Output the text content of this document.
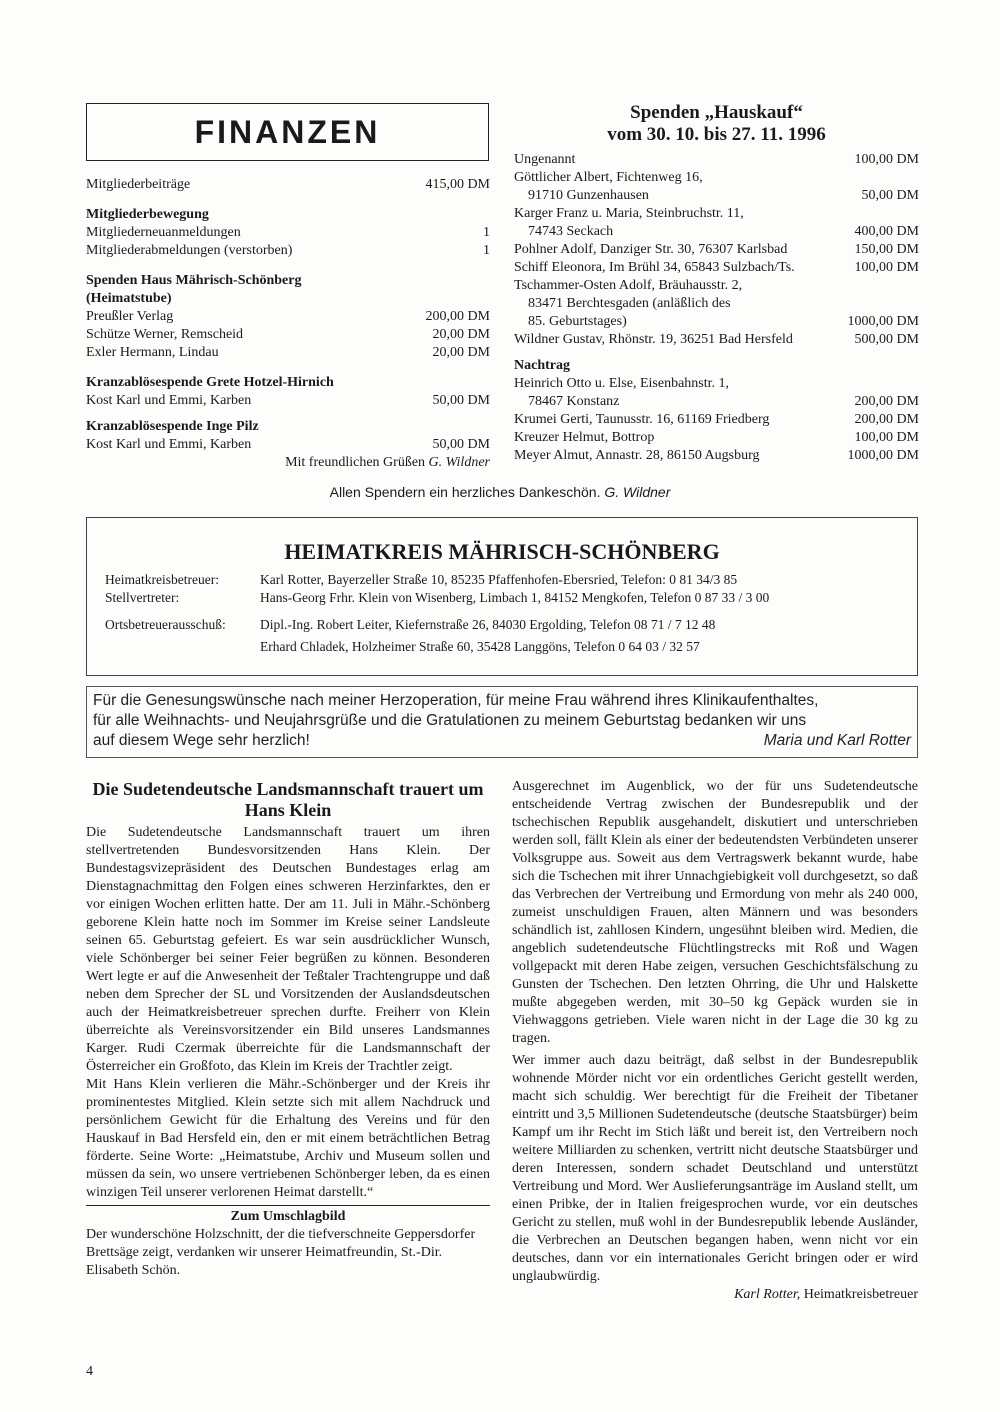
FINANZEN
Mitgliederbeiträge	415,00 DM
Mitgliederbewegung
Mitgliederneuanmeldungen	1
Mitgliederabmeldungen (verstorben)	1
Spenden Haus Mährisch-Schönberg
(Heimatstube)
Preußler Verlag	200,00 DM
Schütze Werner, Remscheid	20,00 DM
Exler Hermann, Lindau	20,00 DM
Kranzablösespende Grete Hotzel-Hirnich
Kost Karl und Emmi, Karben	50,00 DM
Kranzablösespende Inge Pilz
Kost Karl und Emmi, Karben	50,00 DM
Mit freundlichen Grüßen G. Wildner
Spenden „Hauskauf“
vom 30. 10. bis 27. 11. 1996
Ungenannt	100,00 DM
Göttlicher Albert, Fichtenweg 16,
91710 Gunzenhausen	50,00 DM
Karger Franz u. Maria, Steinbruchstr. 11,
74743 Seckach	400,00 DM
Pohlner Adolf, Danziger Str. 30, 76307 Karlsbad	150,00 DM
Schiff Eleonora, Im Brühl 34, 65843 Sulzbach/Ts.	100,00 DM
Tschammer-Osten Adolf, Bräuhausstr. 2,
83471 Berchtesgaden (anläßlich des
85. Geburtstages)	1000,00 DM
Wildner Gustav, Rhönstr. 19, 36251 Bad Hersfeld	500,00 DM
Nachtrag
Heinrich Otto u. Else, Eisenbahnstr. 1,
78467 Konstanz	200,00 DM
Krumei Gerti, Taunusstr. 16, 61169 Friedberg	200,00 DM
Kreuzer Helmut, Bottrop	100,00 DM
Meyer Almut, Annastr. 28, 86150 Augsburg	1000,00 DM
Allen Spendern ein herzliches Dankeschön. G. Wildner
HEIMATKREIS MÄHRISCH-SCHÖNBERG
Heimatkreisbetreuer:	Karl Rotter, Bayerzeller Straße 10, 85235 Pfaffenhofen-Ebersried, Telefon: 0 81 34/3 85
Stellvertreter:	Hans-Georg Frhr. Klein von Wisenberg, Limbach 1, 84152 Mengkofen, Telefon 0 87 33 / 3 00
Ortsbetreuerausschuß:	Dipl.-Ing. Robert Leiter, Kiefernstraße 26, 84030 Ergolding, Telefon 08 71 / 7 12 48
Erhard Chladek, Holzheimer Straße 60, 35428 Langgöns, Telefon 0 64 03 / 32 57
Für die Genesungswünsche nach meiner Herzoperation, für meine Frau während ihres Klinikaufenthaltes,
für alle Weihnachts- und Neujahrsgrüße und die Gratulationen zu meinem Geburtstag bedanken wir uns
auf diesem Wege sehr herzlich!	Maria und Karl Rotter
Die Sudetendeutsche Landsmannschaft trauert um Hans Klein
Die Sudetendeutsche Landsmannschaft trauert um ihren stellvertretenden Bundesvorsitzenden Hans Klein. Der Bundestagsvizepräsident des Deutschen Bundestages erlag am Dienstagnachmittag den Folgen eines schweren Herzinfarktes, den er vor einigen Wochen erlitten hatte. Der am 11. Juli in Mähr.-Schönberg geborene Klein hatte noch im Sommer im Kreise seiner Landsleute seinen 65. Geburtstag gefeiert. Es war sein ausdrücklicher Wunsch, viele Schönberger bei seiner Feier begrüßen zu können. Besonderen Wert legte er auf die Anwesenheit der Teßtaler Trachtengruppe und daß neben dem Sprecher der SL und Vorsitzenden der Auslandsdeutschen auch der Heimatkreisbetreuer sprechen durfte. Freiherr von Klein überreichte als Vereinsvorsitzender ein Bild unseres Landsmannes Karger. Rudi Czermak überreichte für die Landsmannschaft der Österreicher ein Großfoto, das Klein im Kreis der Trachtler zeigt.
Mit Hans Klein verlieren die Mähr.-Schönberger und der Kreis ihr prominentestes Mitglied. Klein setzte sich mit allem Nachdruck und persönlichem Gewicht für die Erhaltung des Vereins und für den Hauskauf in Bad Hersfeld ein, den er mit einem beträchtlichen Betrag förderte. Seine Worte: „Heimatstube, Archiv und Museum sollen und müssen da sein, wo unsere vertriebenen Schönberger leben, da es einen winzigen Teil unserer verlorenen Heimat darstellt.“
Zum Umschlagbild
Der wunderschöne Holzschnitt, der die tiefverschneite Geppersdorfer Brettsäge zeigt, verdanken wir unserer Heimatfreundin, St.-Dir. Elisabeth Schön.
Ausgerechnet im Augenblick, wo der für uns Sudetendeutsche entscheidende Vertrag zwischen der Bundesrepublik und der tschechischen Republik ausgehandelt, diskutiert und unterschrieben werden soll, fällt Klein als einer der bedeutendsten Verbündeten unserer Volksgruppe aus. Soweit aus dem Vertragswerk bekannt wurde, habe sich die Tschechen mit ihrer Unnachgiebigkeit voll durchgesetzt, so daß das Verbrechen der Vertreibung und Ermordung von mehr als 240 000, zumeist unschuldigen Frauen, alten Männern und was besonders schändlich ist, zahllosen Kindern, ungesühnt bleiben wird. Medien, die angeblich sudetendeutsche Flüchtlingstrecks mit Roß und Wagen vollgepackt mit deren Habe zeigen, versuchen Geschichtsfälschung zu Gunsten der Tschechen. Den letzten Ohrring, die Uhr und Halskette mußte abgegeben werden, mit 30–50 kg Gepäck wurden sie in Viehwaggons getrieben. Viele waren nicht in der Lage die 30 kg zu tragen.
Wer immer auch dazu beiträgt, daß selbst in der Bundesrepublik wohnende Mörder nicht vor ein ordentliches Gericht gestellt werden, macht sich schuldig. Wer berechtigt für die Freiheit der Tibetaner eintritt und 3,5 Millionen Sudetendeutsche (deutsche Staatsbürger) beim Kampf um ihr Recht im Stich läßt und bereit ist, den Vertreibern noch weitere Milliarden zu schenken, vertritt nicht deutsche Staatsbürger und deren Interessen, sondern schadet Deutschland und unterstützt Vertreibung und Mord. Wer Auslieferungsanträge im Ausland stellt, um einen Pribke, der in Italien freigesprochen wurde, vor ein deutsches Gericht zu stellen, muß wohl in der Bundesrepublik lebende Ausländer, die Verbrechen an Deutschen begangen haben, wenn nicht vor ein deutsches, dann vor ein internationales Gericht bringen oder er wird unglaubwürdig.
Karl Rotter, Heimatkreisbetreuer
4
